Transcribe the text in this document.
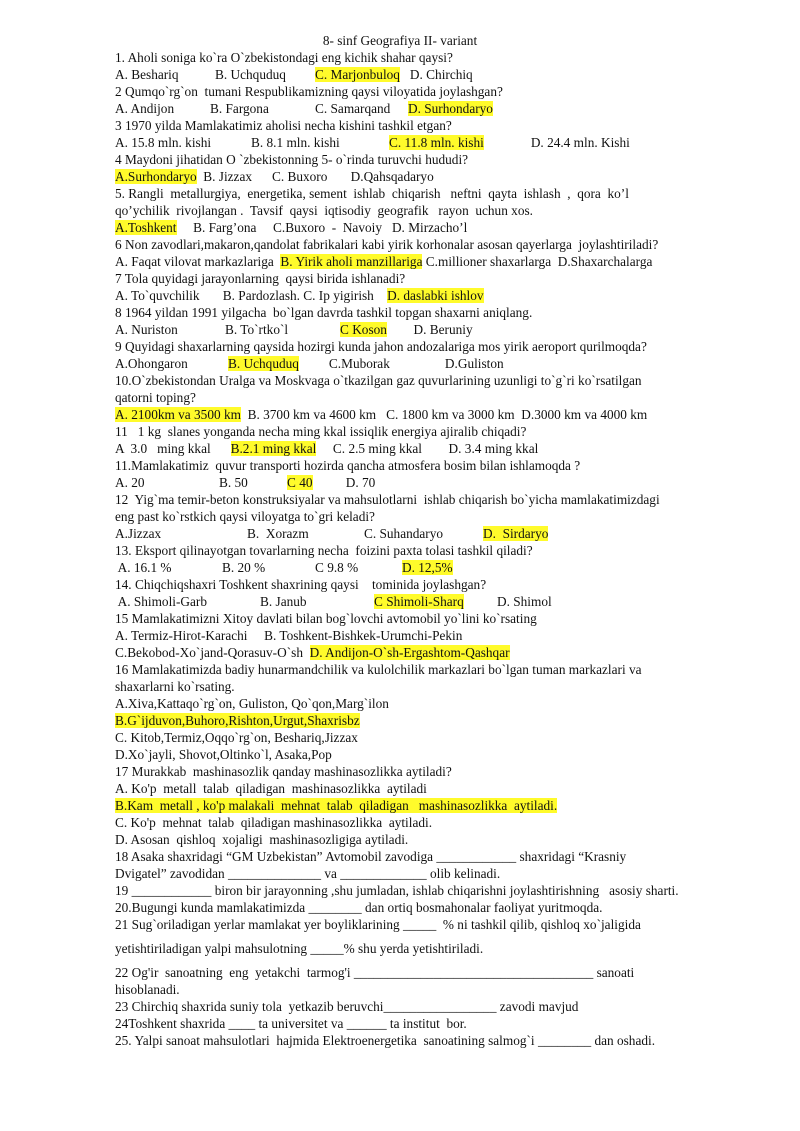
8- sinf Geografiya II- variant
1. Aholi soniga ko`ra O`zbekistondagi eng kichik shahar qaysi?
A. Beshariq	B. Uchquduq C. Marjonbuloq   D. Chirchiq
2 Qumqo`rg`on  tumani Respublikamizning qaysi viloyatida joylashgan?
A. Andijon	B. Fargona	C. Samarqand D. Surhondaryo
3 1970 yilda Mamlakatimiz aholisi necha kishini tashkil etgan?
A. 15.8 mln. kishi	B. 8.1 mln. kishi	C. 11.8 mln. kishi	D. 24.4 mln. Kishi
4 Maydoni jihatidan O `zbekistonning 5- o`rinda turuvchi hududi?
A.Surhondaryo  B. Jizzax      C. Buxoro       D.Qahsqadaryo
5. Rangli  metallurgiya,  energetika, sement  ishlab  chiqarish   neftni  qayta  ishlash  ,  qora  ko’l
qo’ychilik  rivojlangan .  Tavsif  qaysi  iqtisodiy  geografik   rayon  uchun xos.
A.Toshkent     B. Farg’ona     C.Buxoro  -  Navoiy   D. Mirzacho’l
6 Non zavodlari,makaron,qandolat fabrikalari kabi yirik korhonalar asosan qayerlarga  joylashtiriladi?
A. Faqat vilovat markazlariga  B. Yirik aholi manzillariga C.millioner shaxarlarga  D.Shaxarchalarga
7 Tola quyidagi jarayonlarning  qaysi birida ishlanadi?
A. To`quvchilik       B. Pardozlash. C. Ip yigirish    D. daslabki ishlov
8 1964 yildan 1991 yilgacha  bo`lgan davrda tashkil topgan shaxarni aniqlang.
A. Nuriston	B. To`rtko`l	C Koson        D. Beruniy
9 Quyidagi shaxarlarning qaysida hozirgi kunda jahon andozalariga mos yirik aeroport qurilmoqda?
A.Ohongaron	B. Uchquduq C.Muborak	D.Guliston
10.O`zbekistondan Uralga va Moskvaga o`tkazilgan gaz quvurlarining uzunligi to`g`ri ko`rsatilgan
qatorni toping?
A. 2100km va 3500 km  B. 3700 km va 4600 km   C. 1800 km va 3000 km  D.3000 km va 4000 km
11   1 kg  slanes yonganda necha ming kkal issiqlik energiya ajiralib chiqadi?
A  3.0   ming kkal      B.2.1 ming kkal     C. 2.5 ming kkal        D. 3.4 ming kkal
11.Mamlakatimiz  quvur transporti hozirda qancha atmosfera bosim bilan ishlamoqda ?
A. 20	B. 50	C 40          D. 70
12  Yig`ma temir-beton konstruksiyalar va mahsulotlarni  ishlab chiqarish bo`yicha mamlakatimizdagi
eng past ko`rstkich qaysi viloyatga to`gri keladi?
A.Jizzax	B.  Xorazm	C. Suhandaryo	D.  Sirdaryo
13. Eksport qilinayotgan tovarlarning necha  foizini paxta tolasi tashkil qiladi?
A. 16.1 %	B. 20 %	C 9.8 %	D. 12,5%
14. Chiqchiqshaxri Toshkent shaxrining qaysi    tominida joylashgan?
A. Shimoli-Garb	B. Janub	C Shimoli-Sharq          D. Shimol
15 Mamlakatimizni Xitoy davlati bilan bog`lovchi avtomobil yo`lini ko`rsating
A. Termiz-Hirot-Karachi     B. Toshkent-Bishkek-Urumchi-Pekin
C.Bekobod-Xo`jand-Qorasuv-O`sh  D. Andijon-O`sh-Ergashtom-Qashqar
16 Mamlakatimizda badiy hunarmandchilik va kulolchilik markazlari bo`lgan tuman markazlari va
shaxarlarni ko`rsating.
A.Xiva,Kattaqo`rg`on, Guliston, Qo`qon,Marg`ilon
B.G`ijduvon,Buhoro,Rishton,Urgut,Shaxrisbz
C. Kitob,Termiz,Oqqo`rg`on, Beshariq,Jizzax
D.Xo`jayli, Shovot,Oltinko`l, Asaka,Pop
17 Murakkab  mashinasozlik qanday mashinasozlikka aytiladi?
A. Ko'p  metall  talab  qiladigan  mashinasozlikka  aytiladi
B.Kam  metall , ko'p malakali  mehnat  talab  qiladigan   mashinasozlikka  aytiladi.
C. Ko'p  mehnat  talab  qiladigan mashinasozlikka  aytiladi.
D. Asosan  qishloq  xojaligi  mashinasozligiga aytiladi.
18 Asaka shaxridagi “GM Uzbekistan” Avtomobil zavodiga ____________ shaxridagi “Krasniy
Dvigatel” zavodidan ______________ va _____________ olib kelinadi.
19 ____________ biron bir jarayonning ,shu jumladan, ishlab chiqarishni joylashtirishning   asosiy sharti.
20.Bugungi kunda mamlakatimizda ________ dan ortiq bosmahonalar faoliyat yuritmoqda.
21 Sug`oriladigan yerlar mamlakat yer boyliklarining _____  % ni tashkil qilib, qishloq xo`jaligida
yetishtiriladigan yalpi mahsulotning _____% shu yerda yetishtiriladi.
22 Og'ir  sanoatning  eng  yetakchi  tarmog'i ____________________________________ sanoati
hisoblanadi.
23 Chirchiq shaxrida suniy tola  yetkazib beruvchi_________________ zavodi mavjud
24Toshkent shaxrida ____ ta universitet va ______ ta institut  bor.
25. Yalpi sanoat mahsulotlari  hajmida Elektroenergetika  sanoatining salmog`i ________ dan oshadi.
